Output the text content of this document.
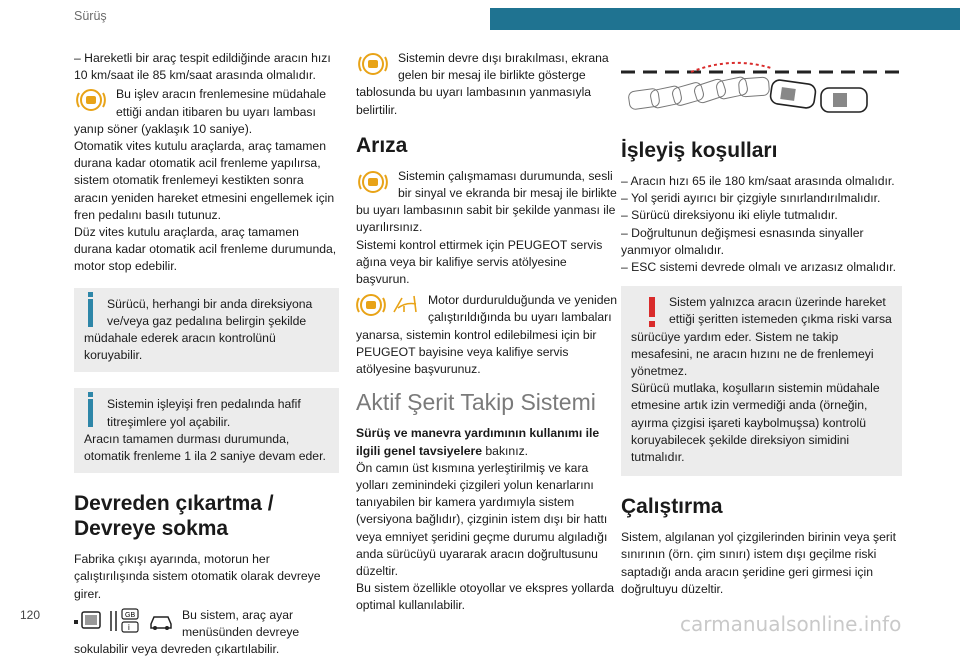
Sürüş

– Hareketli bir araç tespit edildiğinde aracın hızı 10 km/saat ile 85 km/saat arasında olmalıdır.

Bu işlev aracın frenlemesine müdahale ettiği andan itibaren bu uyarı lambası yanıp söner (yaklaşık 10 saniye).

Otomatik vites kutulu araçlarda, araç tamamen durana kadar otomatik acil frenleme yapılırsa, sistem otomatik frenlemeyi kestikten sonra aracın yeniden hareket etmesini engellemek için fren pedalını basılı tutunuz.

Düz vites kutulu araçlarda, araç tamamen durana kadar otomatik acil frenleme durumunda, motor stop edebilir.

Sürücü, herhangi bir anda direksiyona ve/veya gaz pedalına belirgin şekilde müdahale ederek aracın kontrolünü koruyabilir.

Sistemin işleyişi fren pedalında hafif titreşimlere yol açabilir.

Aracın tamamen durması durumunda, otomatik frenleme 1 ila 2 saniye devam eder.

Devreden çıkartma / Devreye sokma

Fabrika çıkışı ayarında, motorun her çalıştırılışında sistem otomatik olarak devreye girer.

GB
i

Bu sistem, araç ayar menüsünden devreye sokulabilir veya devreden çıkartılabilir.

Sistemin devre dışı bırakılması, ekrana gelen bir mesaj ile birlikte gösterge tablosunda bu uyarı lambasının yanmasıyla belirtilir.

Arıza

Sistemin çalışmaması durumunda, sesli bir sinyal ve ekranda bir mesaj ile birlikte bu uyarı lambasının sabit bir şekilde yanması ile uyarılırsınız.

Sistemi kontrol ettirmek için PEUGEOT servis ağına veya bir kalifiye servis atölyesine başvurun.

Motor durdurulduğunda ve yeniden çalıştırıldığında bu uyarı lambaları yanarsa, sistemin kontrol edilebilmesi için bir PEUGEOT bayisine veya kalifiye servis atölyesine başvurunuz.

Aktif Şerit Takip Sistemi

Sürüş ve manevra yardımının kullanımı ile ilgili genel tavsiyelere bakınız.

Ön camın üst kısmına yerleştirilmiş ve kara yolları zeminindeki çizgileri yolun kenarlarını tanıyabilen bir kamera yardımıyla sistem (versiyona bağlıdır), çizginin istem dışı bir hattı veya emniyet şeridini geçme durumu algıladığı anda sürücüyü uyararak aracın doğrultusunu düzeltir.

Bu sistem özellikle otoyollar ve ekspres yollarda optimal kullanılabilir.

İşleyiş koşulları

– Aracın hızı 65 ile 180 km/saat arasında olmalıdır.

– Yol şeridi ayırıcı bir çizgiyle sınırlandırılmalıdır.

– Sürücü direksiyonu iki eliyle tutmalıdır.

– Doğrultunun değişmesi esnasında sinyaller yanmıyor olmalıdır.

– ESC sistemi devrede olmalı ve arızasız olmalıdır.

Sistem yalnızca aracın üzerinde hareket ettiği şeritten istemeden çıkma riski varsa sürücüye yardım eder. Sistem ne takip mesafesini, ne aracın hızını ne de frenlemeyi yönetmez.

Sürücü mutlaka, koşulların sistemin müdahale etmesine artık izin vermediği anda (örneğin, ayırma çizgisi işareti kaybolmuşsa) kontrolü koruyabilecek şekilde direksiyon simidini tutmalıdır.

Çalıştırma

Sistem, algılanan yol çizgilerinden birinin veya şerit sınırının (örn. çim sınırı) istem dışı geçilme riski saptadığı anda aracın şeridine geri girmesi için doğrultuyu düzeltir.

120	carmanualsonline.info
